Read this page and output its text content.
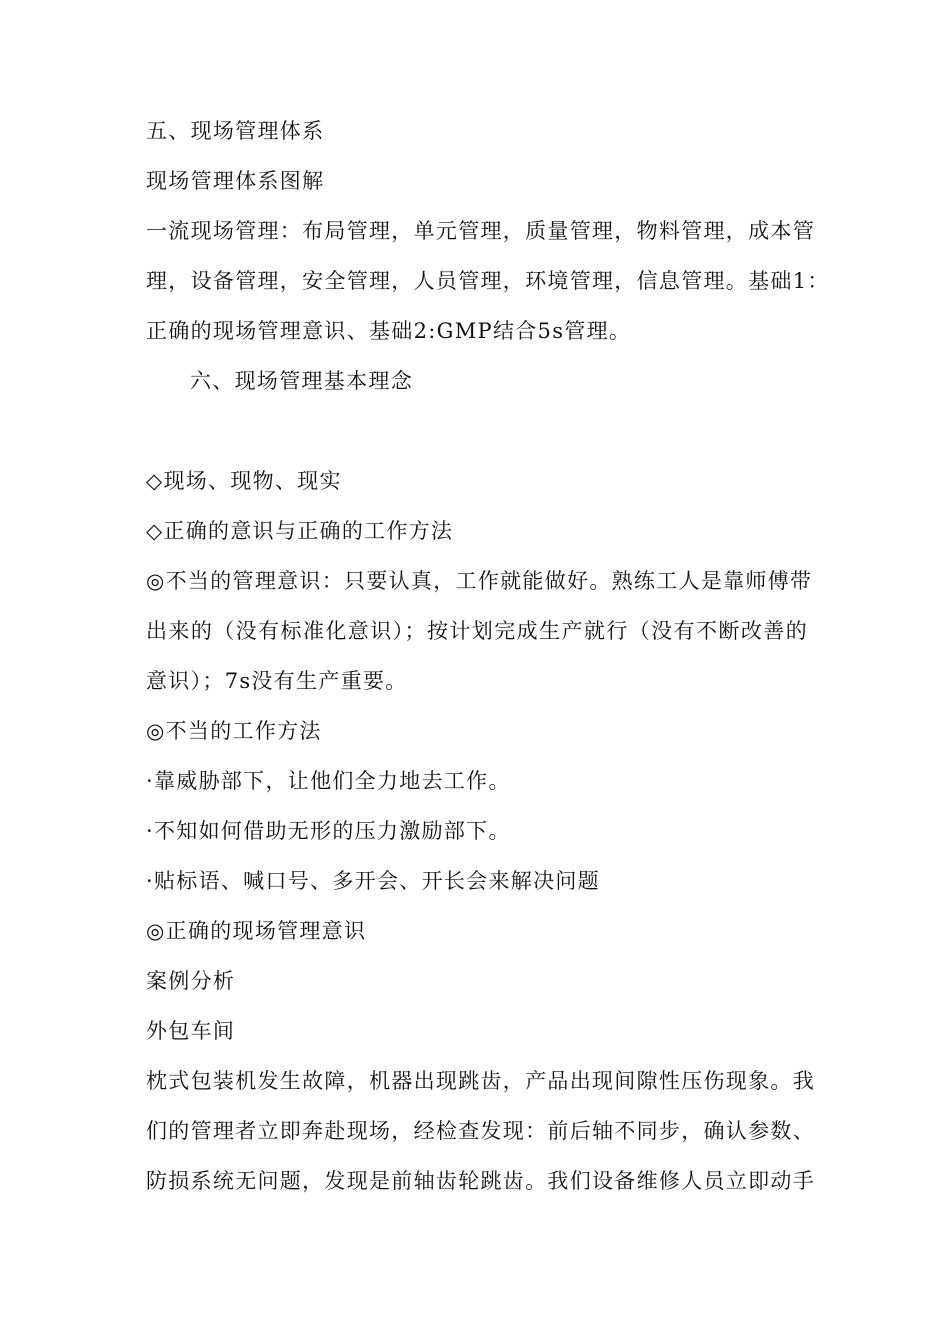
五、现场管理体系
现场管理体系图解
一流现场管理：布局管理，单元管理，质量管理，物料管理，成本管
理，设备管理，安全管理，人员管理，环境管理，信息管理。基础1：
正确的现场管理意识、基础2:GMP结合5s管理。
六、现场管理基本理念
◇现场、现物、现实
◇正确的意识与正确的工作方法
◎不当的管理意识：只要认真，工作就能做好。熟练工人是靠师傅带
出来的（没有标准化意识）；按计划完成生产就行（没有不断改善的
意识）；7s没有生产重要。
◎不当的工作方法
·靠威胁部下，让他们全力地去工作。
·不知如何借助无形的压力激励部下。
·贴标语、喊口号、多开会、开长会来解决问题
◎正确的现场管理意识
案例分析
外包车间
枕式包装机发生故障，机器出现跳齿，产品出现间隙性压伤现象。我
们的管理者立即奔赴现场，经检查发现：前后轴不同步，确认参数、
防损系统无问题，发现是前轴齿轮跳齿。我们设备维修人员立即动手
